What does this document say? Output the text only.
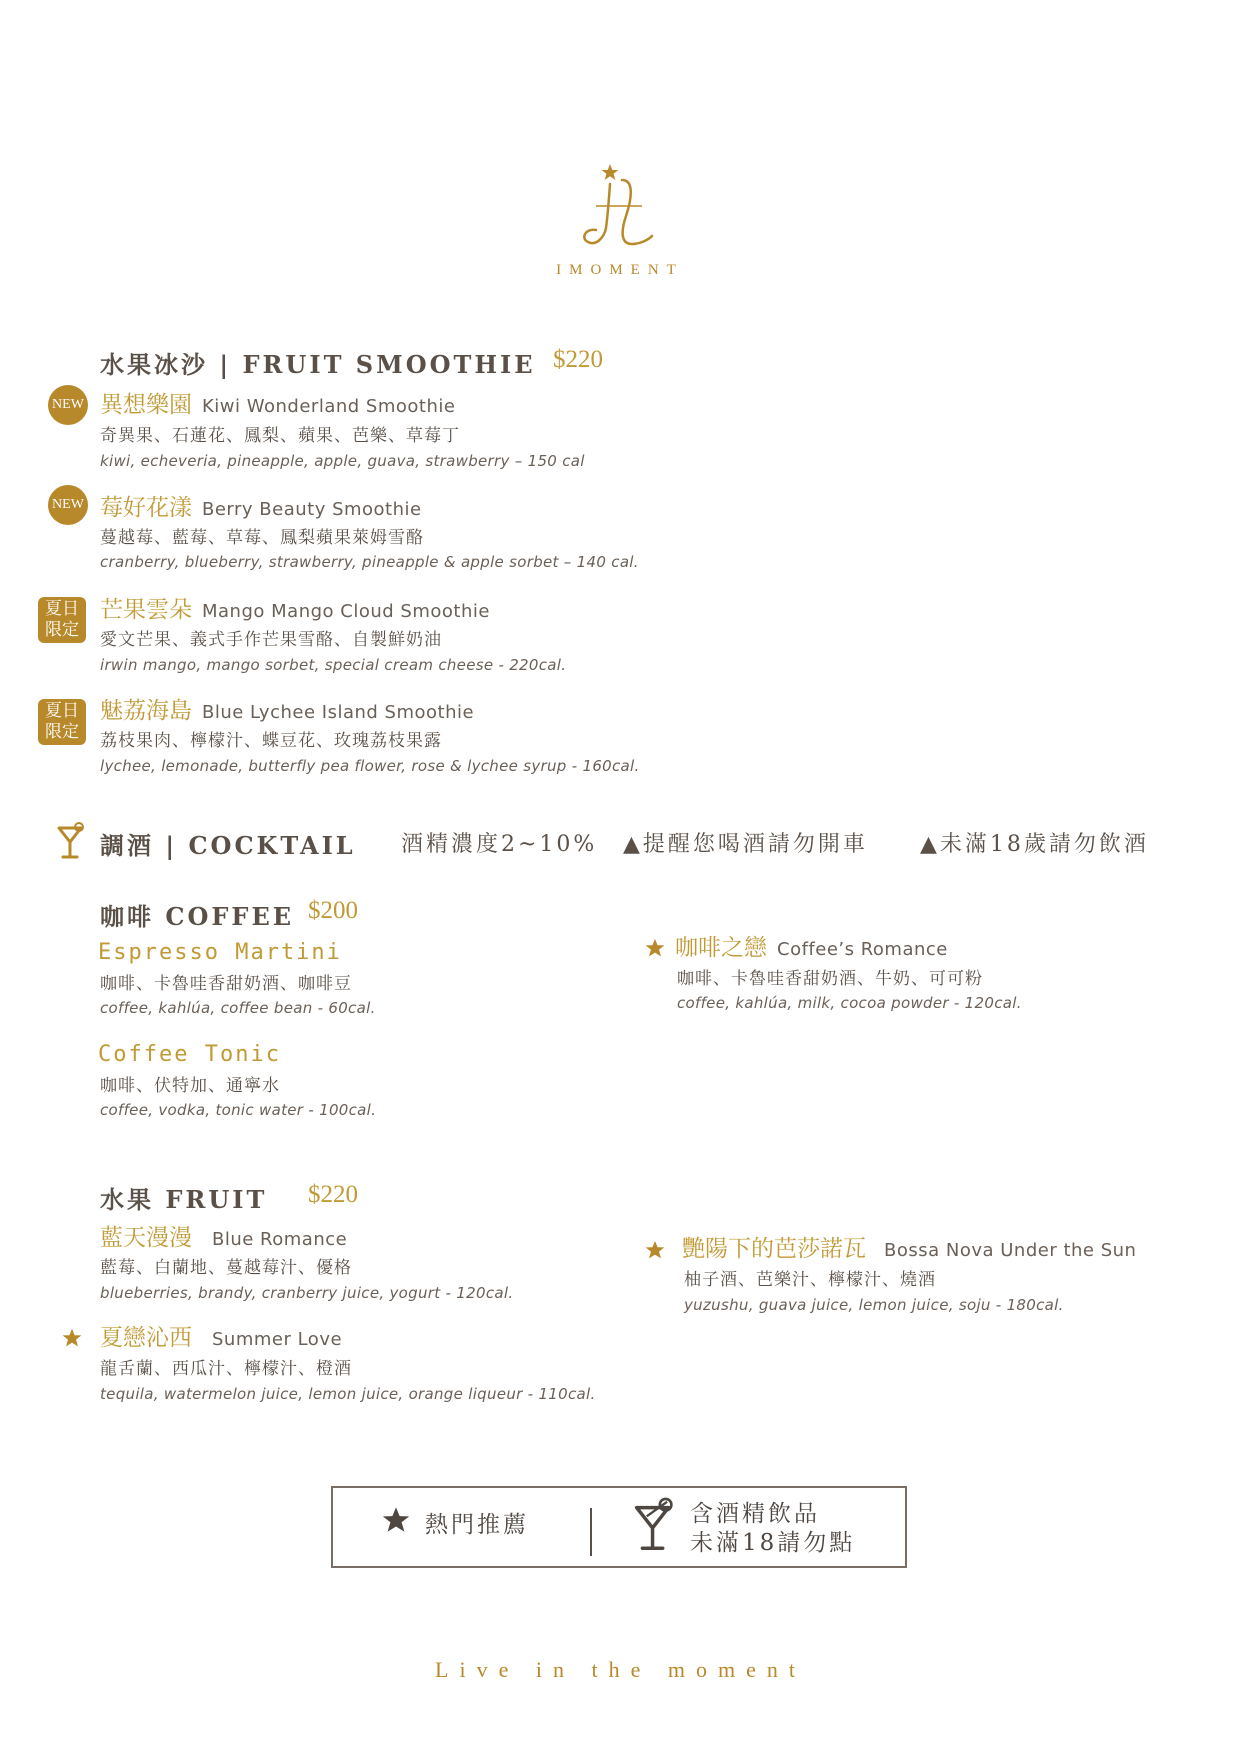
IMOMENT
水果冰沙 | FRUIT SMOOTHIE $220
NEW 異想樂園 Kiwi Wonderland Smoothie
奇異果、石蓮花、鳳梨、蘋果、芭樂、草莓丁
kiwi, echeveria, pineapple, apple, guava, strawberry – 150 cal
NEW 莓好花漾 Berry Beauty Smoothie
蔓越莓、藍莓、草莓、鳳梨蘋果萊姆雪酪
cranberry, blueberry, strawberry, pineapple & apple sorbet – 140 cal.
夏日
限定
芒果雲朵 Mango Mango Cloud Smoothie
愛文芒果、義式手作芒果雪酪、自製鮮奶油
irwin mango, mango sorbet, special cream cheese - 220cal.
夏日
限定
魅荔海島 Blue Lychee Island Smoothie
荔枝果肉、檸檬汁、蝶豆花、玫瑰荔枝果露
lychee, lemonade, butterfly pea flower, rose & lychee syrup - 160cal.
調酒 | COCKTAIL 酒精濃度2~10% ▲提醒您喝酒請勿開車 ▲未滿18歲請勿飲酒
咖啡 COFFEE $200
Espresso Martini
咖啡、卡魯哇香甜奶酒、咖啡豆
coffee, kahlúa, coffee bean - 60cal.
Coffee Tonic
咖啡、伏特加、通寧水
coffee, vodka, tonic water - 100cal.
咖啡之戀 Coffee’s Romance
咖啡、卡魯哇香甜奶酒、牛奶、可可粉
coffee, kahlúa, milk, cocoa powder - 120cal.
水果 FRUIT $220
藍天漫漫 Blue Romance
藍莓、白蘭地、蔓越莓汁、優格
blueberries, brandy, cranberry juice, yogurt - 120cal.
夏戀沁西 Summer Love
龍舌蘭、西瓜汁、檸檬汁、橙酒
tequila, watermelon juice, lemon juice, orange liqueur - 110cal.
艷陽下的芭莎諾瓦 Bossa Nova Under the Sun
柚子酒、芭樂汁、檸檬汁、燒酒
yuzushu, guava juice, lemon juice, soju - 180cal.
熱門推薦	含酒精飲品
未滿18請勿點
Live in the moment
